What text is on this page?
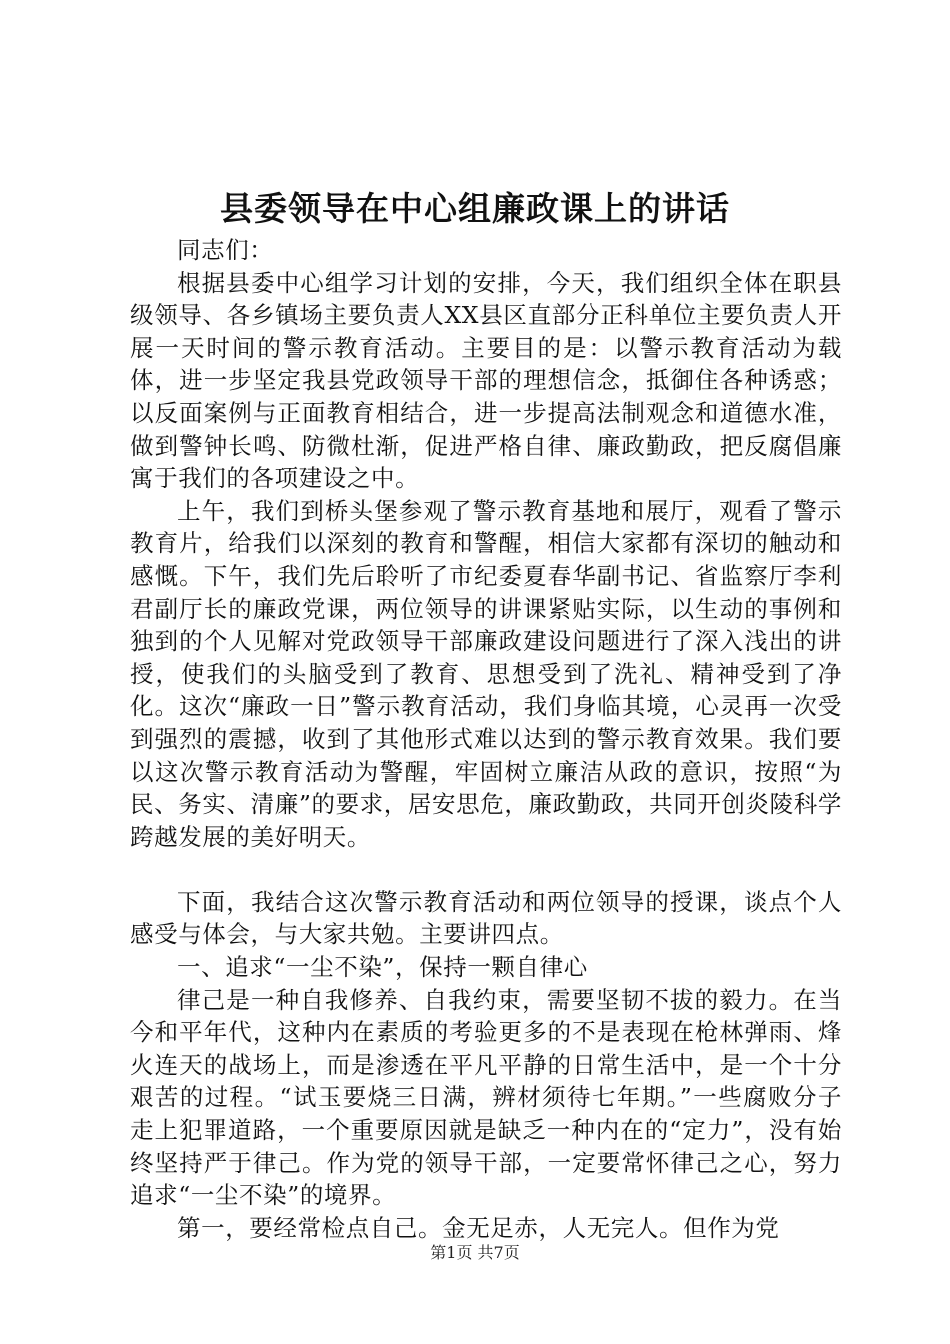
县委领导在中心组廉政课上的讲话

同志们：

根据县委中心组学习计划的安排，今天，我们组织全体在职县级领导、各乡镇场主要负责人XX县区直部分正科单位主要负责人开展一天时间的警示教育活动。主要目的是：以警示教育活动为载体，进一步坚定我县党政领导干部的理想信念，抵御住各种诱惑；以反面案例与正面教育相结合，进一步提高法制观念和道德水准，做到警钟长鸣、防微杜渐，促进严格自律、廉政勤政，把反腐倡廉寓于我们的各项建设之中。

上午，我们到桥头堡参观了警示教育基地和展厅，观看了警示教育片，给我们以深刻的教育和警醒，相信大家都有深切的触动和感慨。下午，我们先后聆听了市纪委夏春华副书记、省监察厅李利君副厅长的廉政党课，两位领导的讲课紧贴实际，以生动的事例和独到的个人见解对党政领导干部廉政建设问题进行了深入浅出的讲授，使我们的头脑受到了教育、思想受到了洗礼、精神受到了净化。这次“廉政一日”警示教育活动，我们身临其境，心灵再一次受到强烈的震撼，收到了其他形式难以达到的警示教育效果。我们要以这次警示教育活动为警醒，牢固树立廉洁从政的意识，按照“为民、务实、清廉”的要求，居安思危，廉政勤政，共同开创炎陵科学跨越发展的美好明天。

下面，我结合这次警示教育活动和两位领导的授课，谈点个人感受与体会，与大家共勉。主要讲四点。

一、追求“一尘不染”，保持一颗自律心

律己是一种自我修养、自我约束，需要坚韧不拔的毅力。在当今和平年代，这种内在素质的考验更多的不是表现在枪林弹雨、烽火连天的战场上，而是渗透在平凡平静的日常生活中，是一个十分艰苦的过程。“试玉要烧三日满，辨材须待七年期。”一些腐败分子走上犯罪道路，一个重要原因就是缺乏一种内在的“定力”，没有始终坚持严于律己。作为党的领导干部，一定要常怀律己之心，努力追求“一尘不染”的境界。

第一，要经常检点自己。金无足赤，人无完人。但作为党

第1页 共7页
